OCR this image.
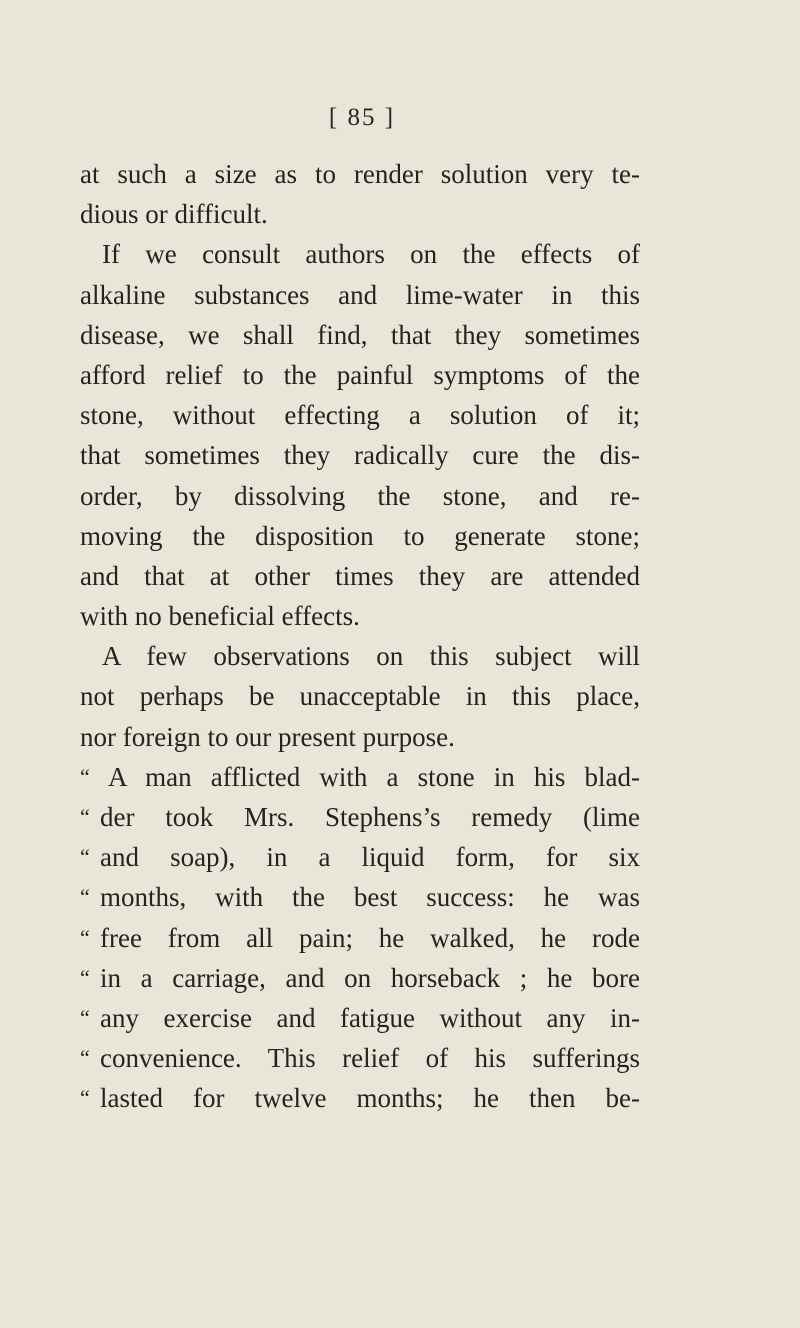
[ 85 ]
at such a size as to render solution very te-
dious or difficult.
If we consult authors on the effects of
alkaline substances and lime-water in this
disease, we shall find, that they sometimes
afford relief to the painful symptoms of the
stone, without effecting a solution of it;
that sometimes they radically cure the dis-
order, by dissolving the stone, and re-
moving the disposition to generate stone;
and that at other times they are attended
with no beneficial effects.
A few observations on this subject will
not perhaps be unacceptable in this place,
nor foreign to our present purpose.
“ A man afflicted with a stone in his blad-
“ der took Mrs. Stephens’s remedy (lime
“ and soap), in a liquid form, for six
“ months, with the best success: he was
“ free from all pain; he walked, he rode
“ in a carriage, and on horseback ; he bore
“ any exercise and fatigue without any in-
“ convenience. This relief of his sufferings
“ lasted for twelve months; he then be-
